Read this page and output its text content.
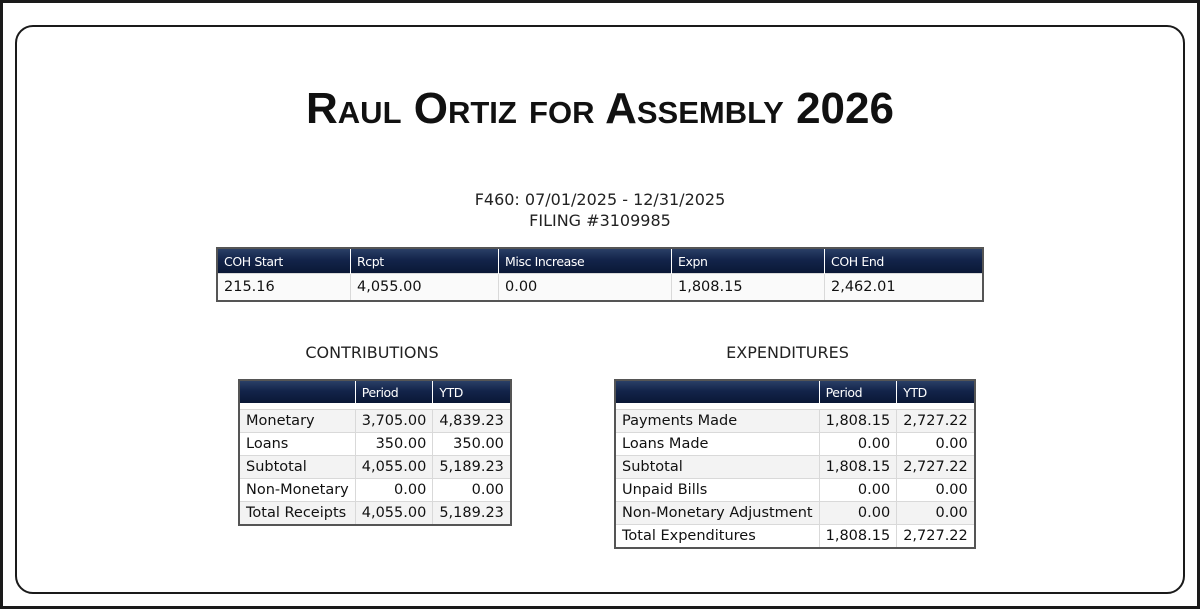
Raul Ortiz for Assembly 2026
F460: 07/01/2025 - 12/31/2025
FILING #3109985
COH Start	Rcpt	Misc Increase	Expn	COH End
215.16	4,055.00	0.00	1,808.15	2,462.01
CONTRIBUTIONS	EXPENDITURES
	Period	YTD

Monetary	3,705.00	4,839.23
Loans	350.00	350.00
Subtotal	4,055.00	5,189.23
Non-Monetary	0.00	0.00
Total Receipts	4,055.00	5,189.23
	Period	YTD

Payments Made	1,808.15	2,727.22
Loans Made	0.00	0.00
Subtotal	1,808.15	2,727.22
Unpaid Bills	0.00	0.00
Non-Monetary Adjustment	0.00	0.00
Total Expenditures	1,808.15	2,727.22
